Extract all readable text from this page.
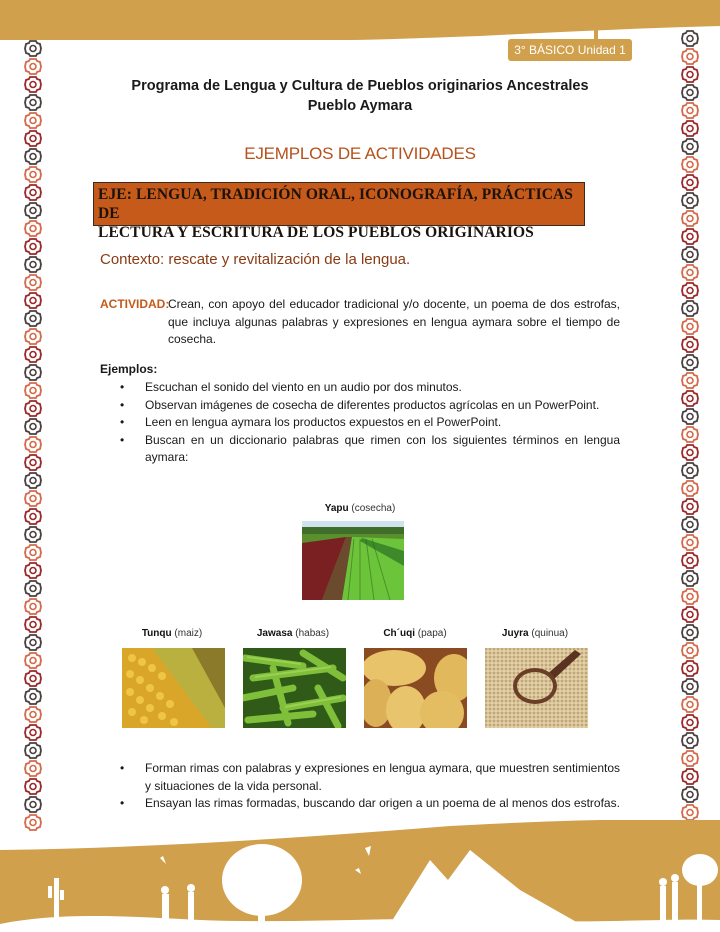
3° BÁSICO Unidad 1
Programa de Lengua y Cultura de Pueblos originarios Ancestrales
Pueblo Aymara
EJEMPLOS DE ACTIVIDADES
EJE: LENGUA, TRADICIÓN ORAL, ICONOGRAFÍA, PRÁCTICAS DE
LECTURA Y ESCRITURA DE LOS PUEBLOS ORIGINARIOS
Contexto: rescate y revitalización de la lengua.
ACTIVIDAD:
Crean, con apoyo del educador tradicional y/o docente, un poema de dos estrofas, que incluya algunas palabras y expresiones en lengua aymara sobre el tiempo de cosecha.
Ejemplos:
• Escuchan el sonido del viento en un audio por dos minutos.
• Observan imágenes de cosecha de diferentes productos agrícolas en un PowerPoint.
• Leen en lengua aymara los productos expuestos en el PowerPoint.
• Buscan en un diccionario palabras que rimen con los siguientes términos en lengua aymara:
Yapu (cosecha)
Tunqu (maiz)	Jawasa (habas)	Ch´uqi (papa)	Juyra (quinua)
• Forman rimas con palabras y expresiones en lengua aymara, que muestren sentimientos y situaciones de la vida personal.
• Ensayan las rimas formadas, buscando dar origen a un poema de al menos dos estrofas.
